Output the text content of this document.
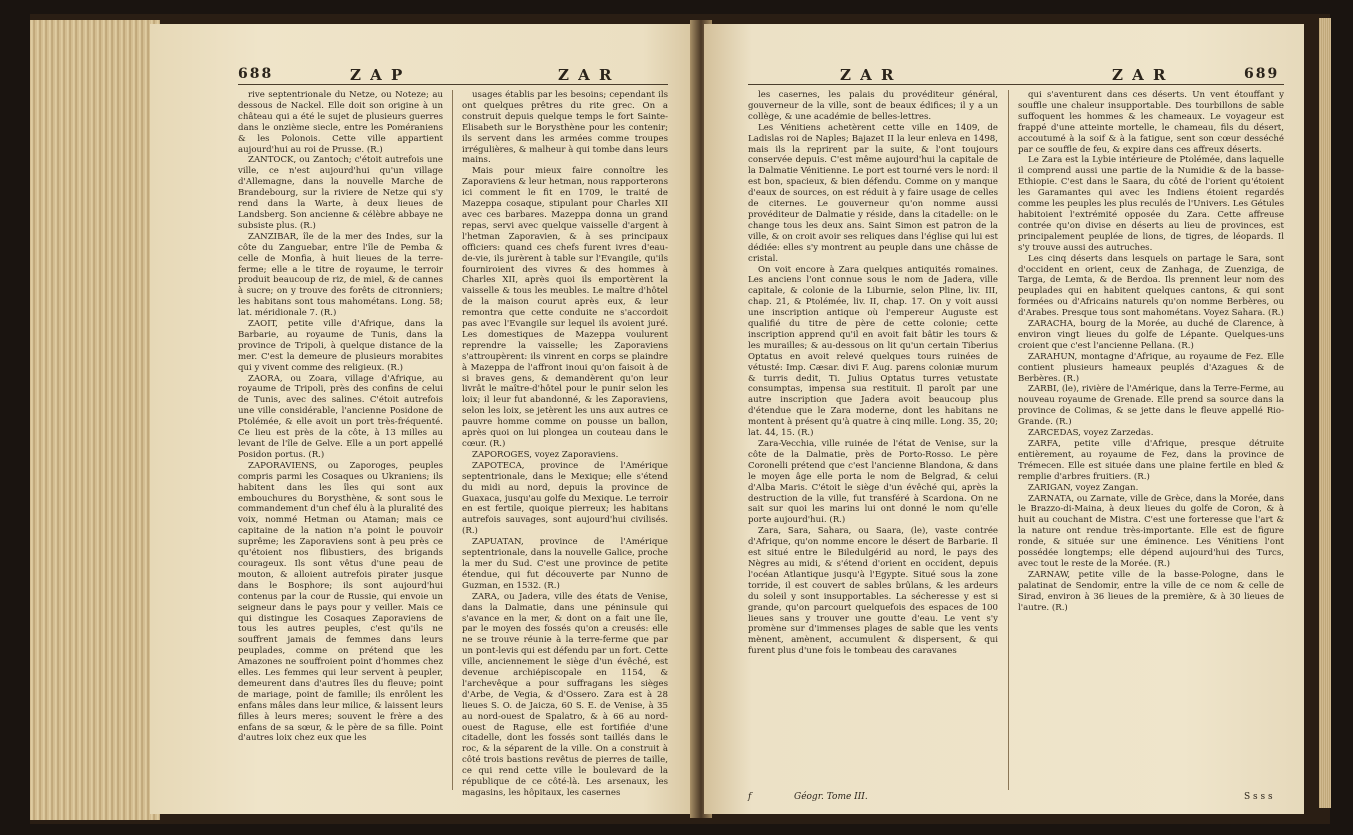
688	Z A P	Z A R

rive septentrionale du Netze, ou Noteze; au dessous de Nackel. Elle doit son origine à un château qui a été le sujet de plusieurs guerres dans le onzième siecle, entre les Poméraniens & les Polonois. Cette ville appartient aujourd'hui au roi de Prusse. (R.)

ZANTOCK, ou Zantoch; c'étoit autrefois une ville, ce n'est aujourd'hui qu'un village d'Allemagne, dans la nouvelle Marche de Brandebourg, sur la riviere de Netze qui s'y rend dans la Warte, à deux lieues de Landsberg. Son ancienne & célèbre abbaye ne subsiste plus. (R.)

ZANZIBAR, île de la mer des Indes, sur la côte du Zanguebar, entre l'île de Pemba & celle de Monfia, à huit lieues de la terre-ferme; elle a le titre de royaume, le terroir produit beaucoup de riz, de miel, & de cannes à sucre; on y trouve des forêts de citronniers; les habitans sont tous mahométans. Long. 58; lat. méridionale 7. (R.)

ZAOIT, petite ville d'Afrique, dans la Barbarie, au royaume de Tunis, dans la province de Tripoli, à quelque distance de la mer. C'est la demeure de plusieurs morabites qui y vivent comme des religieux. (R.)

ZAORA, ou Zoara, village d'Afrique, au royaume de Tripoli, près des confins de celui de Tunis, avec des salines. C'étoit autrefois une ville considérable, l'ancienne Posidone de Ptolémée, & elle avoit un port très-fréquenté. Ce lieu est près de la côte, à 13 milles au levant de l'île de Gelve. Elle a un port appellé Posidon portus. (R.)

ZAPORAVIENS, ou Zaporoges, peuples compris parmi les Cosaques ou Ukraniens; ils habitent dans les îles qui sont aux embouchures du Borysthène, & sont sous le commandement d'un chef élu à la pluralité des voix, nommé Hetman ou Ataman; mais ce capitaine de la nation n'a point le pouvoir suprême; les Zaporaviens sont à peu près ce qu'étoient nos flibustiers, des brigands courageux. Ils sont vêtus d'une peau de mouton, & alloient autrefois pirater jusque dans le Bosphore; ils sont aujourd'hui contenus par la cour de Russie, qui envoie un seigneur dans le pays pour y veiller. Mais ce qui distingue les Cosaques Zaporaviens de tous les autres peuples, c'est qu'ils ne souffrent jamais de femmes dans leurs peuplades, comme on prétend que les Amazones ne souffroient point d'hommes chez elles. Les femmes qui leur servent à peupler, demeurent dans d'autres îles du fleuve; point de mariage, point de famille; ils enrôlent les enfans mâles dans leur milice, & laissent leurs filles à leurs meres; souvent le frère a des enfans de sa sœur, & le père de sa fille. Point d'autres loix chez eux que les

usages établis par les besoins; cependant ils ont quelques prêtres du rite grec. On a construit depuis quelque temps le fort Sainte-Elisabeth sur le Borysthène pour les contenir; ils servent dans les armées comme troupes irrégulières, & malheur à qui tombe dans leurs mains.

Mais pour mieux faire connoître les Zaporaviens & leur hetman, nous rapporterons ici comment le fit en 1709, le traité de Mazeppa cosaque, stipulant pour Charles XII avec ces barbares. Mazeppa donna un grand repas, servi avec quelque vaisselle d'argent à l'hetman Zaporavien, & à ses principaux officiers: quand ces chefs furent ivres d'eau-de-vie, ils jurèrent à table sur l'Evangile, qu'ils fourniroient des vivres & des hommes à Charles XII, après quoi ils emportèrent la vaisselle & tous les meubles. Le maître d'hôtel de la maison courut après eux, & leur remontra que cette conduite ne s'accordoit pas avec l'Evangile sur lequel ils avoient juré. Les domestiques de Mazeppa voulurent reprendre la vaisselle; les Zaporaviens s'attroupèrent: ils vinrent en corps se plaindre à Mazeppa de l'affront inoui qu'on faisoit à de si braves gens, & demandèrent qu'on leur livrât le maître-d'hôtel pour le punir selon les loix; il leur fut abandonné, & les Zaporaviens, selon les loix, se jetèrent les uns aux autres ce pauvre homme comme on pousse un ballon, après quoi on lui plongea un couteau dans le cœur. (R.)

ZAPOROGES, voyez Zaporaviens.

ZAPOTECA, province de l'Amérique septentrionale, dans le Mexique; elle s'étend du midi au nord, depuis la province de Guaxaca, jusqu'au golfe du Mexique. Le terroir en est fertile, quoique pierreux; les habitans autrefois sauvages, sont aujourd'hui civilisés. (R.)

ZAPUATAN, province de l'Amérique septentrionale, dans la nouvelle Galice, proche la mer du Sud. C'est une province de petite étendue, qui fut découverte par Nunno de Guzman, en 1532. (R.)

ZARA, ou Jadera, ville des états de Venise, dans la Dalmatie, dans une péninsule qui s'avance en la mer, & dont on a fait une île, par le moyen des fossés qu'on a creusés: elle ne se trouve réunie à la terre-ferme que par un pont-levis qui est défendu par un fort. Cette ville, anciennement le siège d'un évêché, est devenue archiépiscopale en 1154, & l'archevêque a pour suffragans les sièges d'Arbe, de Vegia, & d'Ossero. Zara est à 28 lieues S. O. de Jaicza, 60 S. E. de Venise, à 35 au nord-ouest de Spalatro, & à 66 au nord-ouest de Raguse, elle est fortifiée d'une citadelle, dont les fossés sont taillés dans le roc, & la séparent de la ville. On a construit à côté trois bastions revêtus de pierres de taille, ce qui rend cette ville le boulevard de la république de ce côté-là. Les arsenaux, les magasins, les hôpitaux, les casernes

Z A R	Z A R	689

les casernes, les palais du provéditeur général, gouverneur de la ville, sont de beaux édifices; il y a un collège, & une académie de belles-lettres.

Les Vénitiens achetèrent cette ville en 1409, de Ladislas roi de Naples; Bajazet II la leur enleva en 1498, mais ils la reprirent par la suite, & l'ont toujours conservée depuis. C'est même aujourd'hui la capitale de la Dalmatie Vénitienne. Le port est tourné vers le nord: il est bon, spacieux, & bien défendu. Comme on y manque d'eaux de sources, on est réduit à y faire usage de celles de citernes. Le gouverneur qu'on nomme aussi provéditeur de Dalmatie y réside, dans la citadelle: on le change tous les deux ans. Saint Simon est patron de la ville, & on croit avoir ses reliques dans l'église qui lui est dédiée: elles s'y montrent au peuple dans une châsse de cristal.

On voit encore à Zara quelques antiquités romaines. Les anciens l'ont connue sous le nom de Jadera, ville capitale, & colonie de la Liburnie, selon Pline, liv. III, chap. 21, & Ptolémée, liv. II, chap. 17. On y voit aussi une inscription antique où l'empereur Auguste est qualifié du titre de père de cette colonie; cette inscription apprend qu'il en avoit fait bâtir les tours & les murailles; & au-dessous on lit qu'un certain Tiberius Optatus en avoit relevé quelques tours ruinées de vétusté: Imp. Cæsar. divi F. Aug. parens coloniæ murum & turris dedit, Ti. Julius Optatus turres vetustate consumptas, impensa sua restituit. Il paroît par une autre inscription que Jadera avoit beaucoup plus d'étendue que le Zara moderne, dont les habitans ne montent à présent qu'à quatre à cinq mille. Long. 35, 20; lat. 44, 15. (R.)

Zara-Vecchia, ville ruinée de l'état de Venise, sur la côte de la Dalmatie, près de Porto-Rosso. Le père Coronelli prétend que c'est l'ancienne Blandona, & dans le moyen âge elle porta le nom de Belgrad, & celui d'Alba Maris. C'étoit le siège d'un évêché qui, après la destruction de la ville, fut transféré à Scardona. On ne sait sur quoi les marins lui ont donné le nom qu'elle porte aujourd'hui. (R.)

Zara, Sara, Sahara, ou Saara, (le), vaste contrée d'Afrique, qu'on nomme encore le désert de Barbarie. Il est situé entre le Biledulgérid au nord, le pays des Nègres au midi, & s'étend d'orient en occident, depuis l'océan Atlantique jusqu'à l'Egypte. Situé sous la zone torride, il est couvert de sables brûlans, & les ardeurs du soleil y sont insupportables. La sécheresse y est si grande, qu'on parcourt quelquefois des espaces de 100 lieues sans y trouver une goutte d'eau. Le vent s'y promène sur d'immenses plages de sable que les vents mènent, amènent, accumulent & dispersent, & qui furent plus d'une fois le tombeau des caravanes

qui s'aventurent dans ces déserts. Un vent étouffant y souffle une chaleur insupportable. Des tourbillons de sable suffoquent les hommes & les chameaux. Le voyageur est frappé d'une atteinte mortelle, le chameau, fils du désert, accoutumé à la soif & à la fatigue, sent son cœur desséché par ce souffle de feu, & expire dans ces affreux déserts.

Le Zara est la Lybie intérieure de Ptolémée, dans laquelle il comprend aussi une partie de la Numidie & de la basse-Ethiopie. C'est dans le Saara, du côté de l'orient qu'étoient les Garamantes qui avec les Indiens étoient regardés comme les peuples les plus reculés de l'Univers. Les Gétules habitoient l'extrémité opposée du Zara. Cette affreuse contrée qu'on divise en déserts au lieu de provinces, est principalement peuplée de lions, de tigres, de léopards. Il s'y trouve aussi des autruches.

Les cinq déserts dans lesquels on partage le Sara, sont d'occident en orient, ceux de Zanhaga, de Zuenziga, de Targa, de Lemta, & de Berdoa. Ils prennent leur nom des peuplades qui en habitent quelques cantons, & qui sont formées ou d'Africains naturels qu'on nomme Berbères, ou d'Arabes. Presque tous sont mahométans. Voyez Sahara. (R.)

ZARACHA, bourg de la Morée, au duché de Clarence, à environ vingt lieues du golfe de Lépante. Quelques-uns croient que c'est l'ancienne Pellana. (R.)

ZARAHUN, montagne d'Afrique, au royaume de Fez. Elle contient plusieurs hameaux peuplés d'Azagues & de Berbères. (R.)

ZARBI, (le), rivière de l'Amérique, dans la Terre-Ferme, au nouveau royaume de Grenade. Elle prend sa source dans la province de Colimas, & se jette dans le fleuve appellé Rio-Grande. (R.)

ZARCEDAS, voyez Zarzedas.

ZARFA, petite ville d'Afrique, presque détruite entièrement, au royaume de Fez, dans la province de Trémecen. Elle est située dans une plaine fertile en bled & remplie d'arbres fruitiers. (R.)

ZARIGAN, voyez Zangan.

ZARNATA, ou Zarnate, ville de Grèce, dans la Morée, dans le Brazzo-di-Maina, à deux lieues du golfe de Coron, & à huit au couchant de Mistra. C'est une forteresse que l'art & la nature ont rendue très-importante. Elle est de figure ronde, & située sur une éminence. Les Vénitiens l'ont possédée longtemps; elle dépend aujourd'hui des Turcs, avec tout le reste de la Morée. (R.)

ZARNAW, petite ville de la basse-Pologne, dans le palatinat de Sendomir, entre la ville de ce nom & celle de Sirad, environ à 36 lieues de la première, & à 30 lieues de l'autre. (R.)

f	Géogr. Tome III.	S s s s
